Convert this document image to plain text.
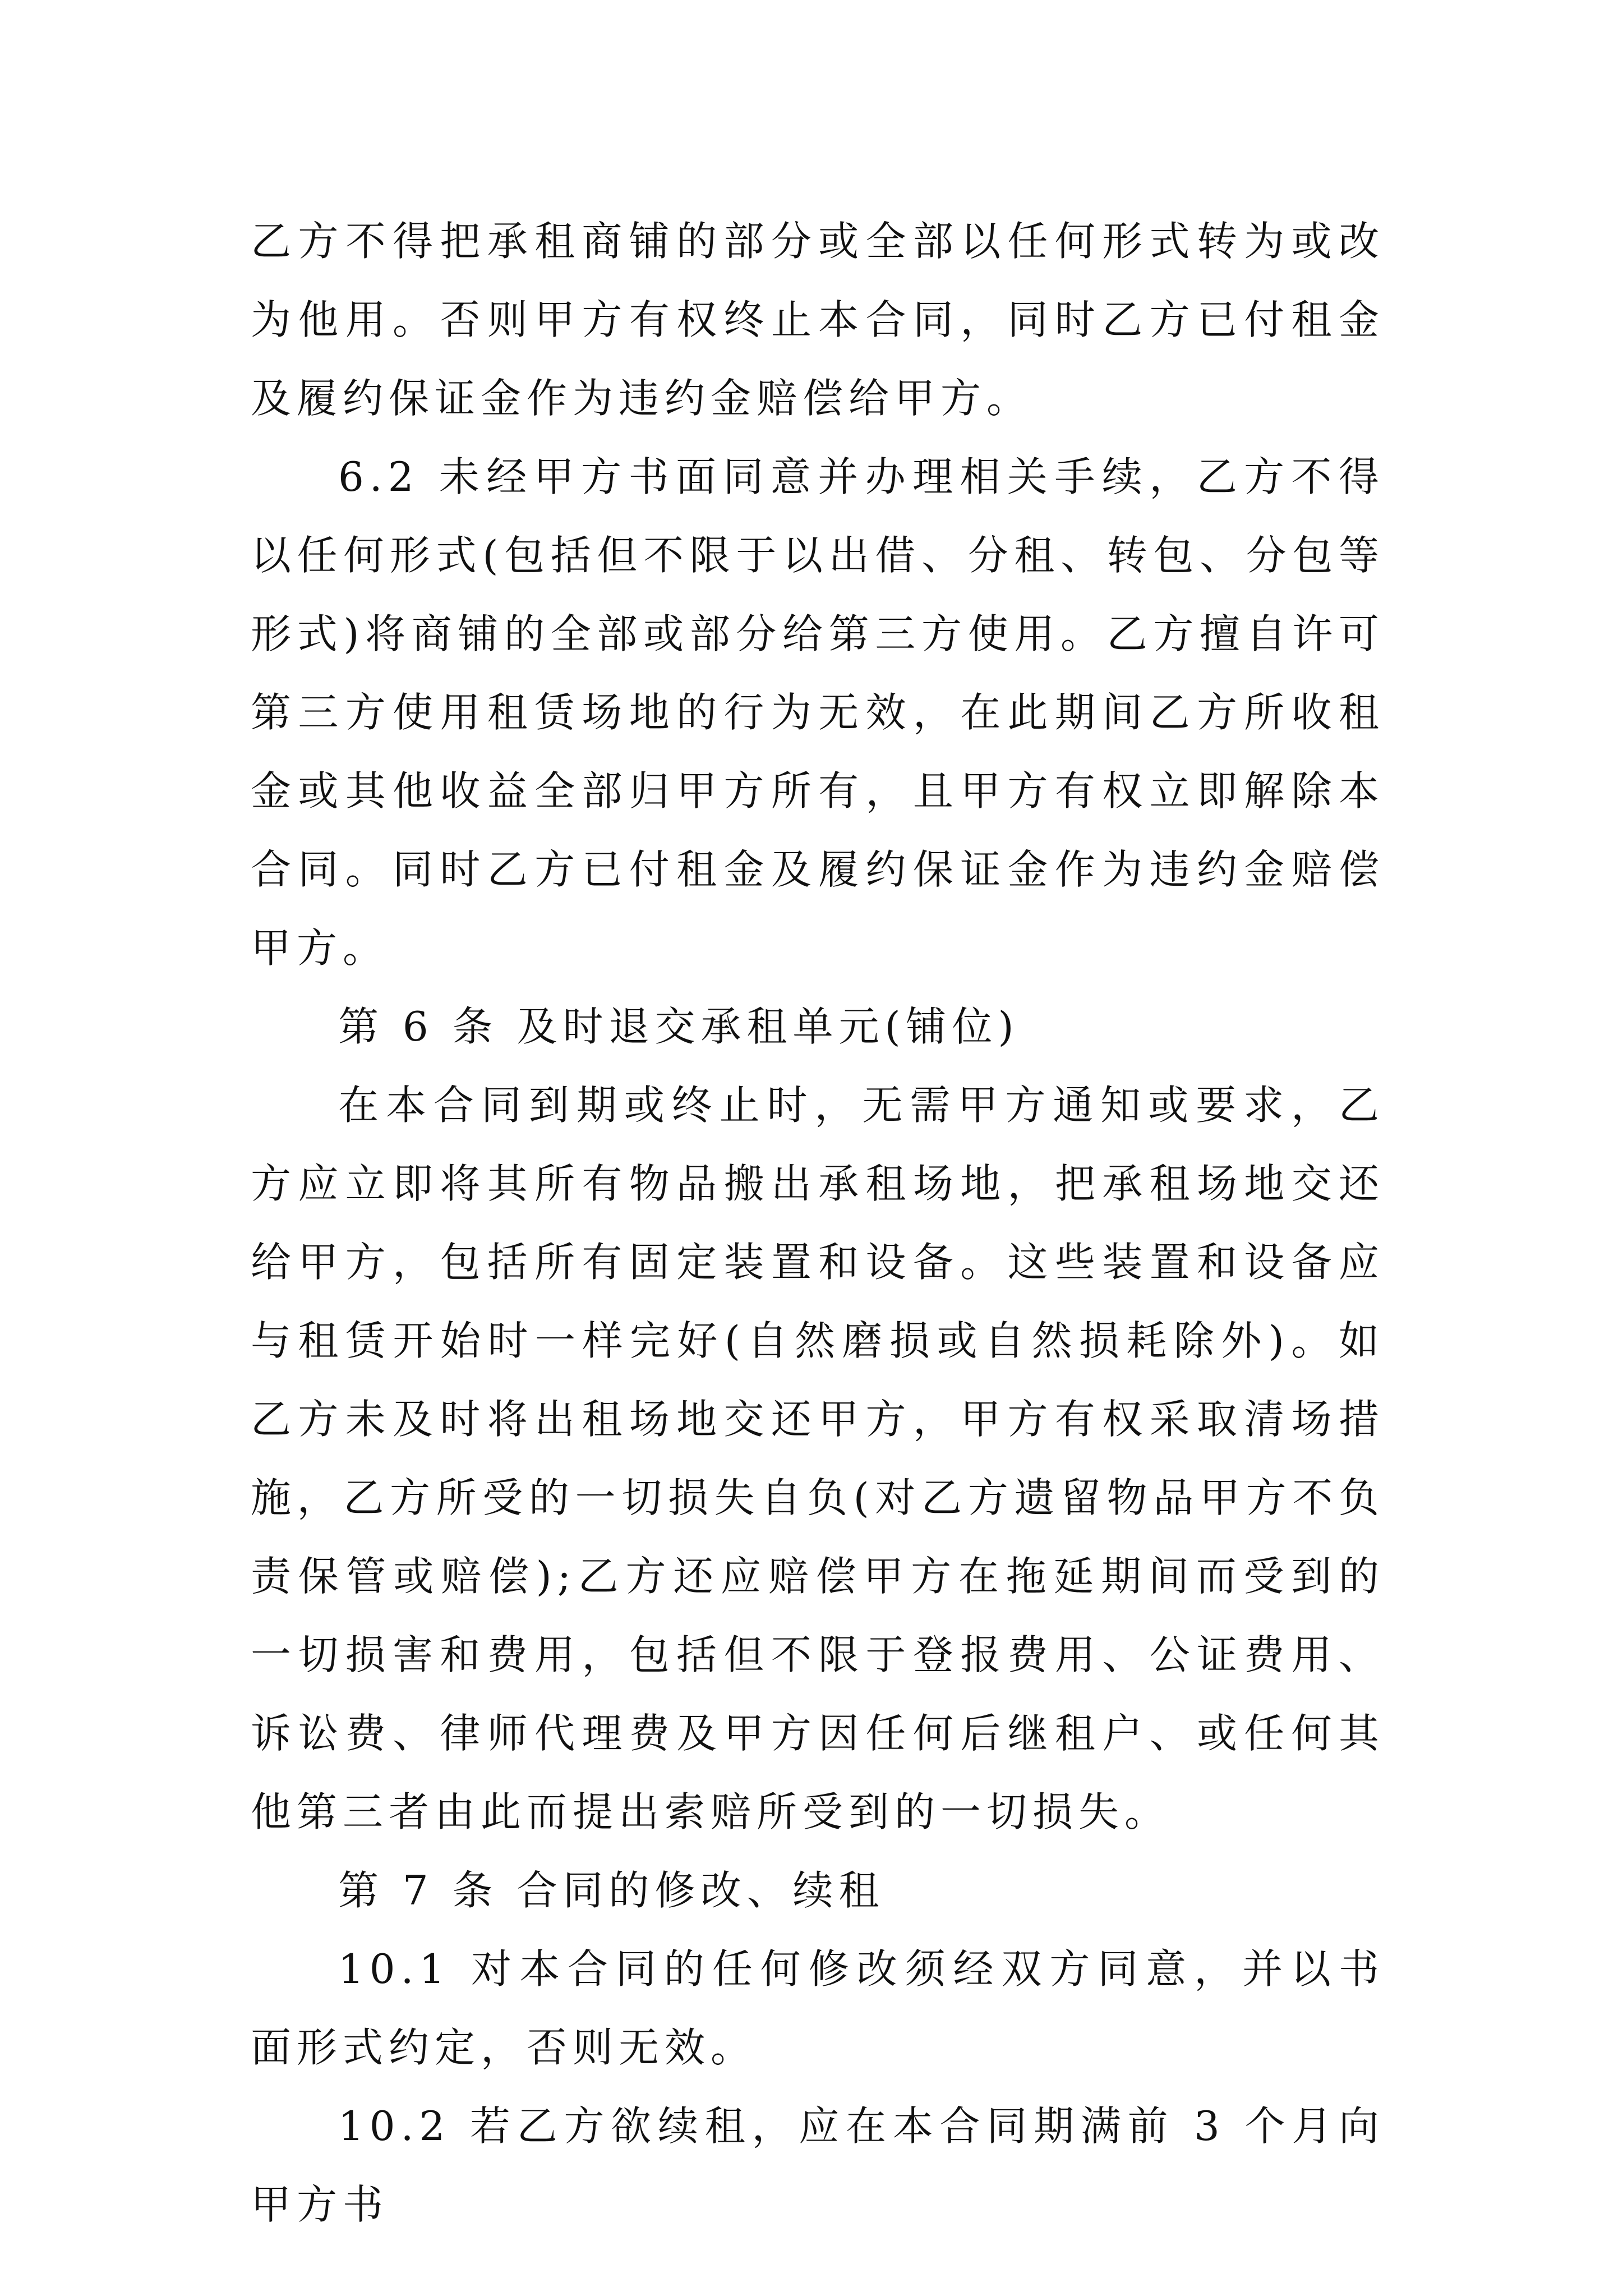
乙方不得把承租商铺的部分或全部以任何形式转为或改为他用。否则甲方有权终止本合同，同时乙方已付租金及履约保证金作为违约金赔偿给甲方。

6.2 未经甲方书面同意并办理相关手续，乙方不得以任何形式(包括但不限于以出借、分租、转包、分包等形式)将商铺的全部或部分给第三方使用。乙方擅自许可第三方使用租赁场地的行为无效，在此期间乙方所收租金或其他收益全部归甲方所有，且甲方有权立即解除本合同。同时乙方已付租金及履约保证金作为违约金赔偿甲方。

第 6 条 及时退交承租单元(铺位)

在本合同到期或终止时，无需甲方通知或要求，乙方应立即将其所有物品搬出承租场地，把承租场地交还给甲方，包括所有固定装置和设备。这些装置和设备应与租赁开始时一样完好(自然磨损或自然损耗除外)。如乙方未及时将出租场地交还甲方，甲方有权采取清场措施，乙方所受的一切损失自负(对乙方遗留物品甲方不负责保管或赔偿);乙方还应赔偿甲方在拖延期间而受到的一切损害和费用，包括但不限于登报费用、公证费用、诉讼费、律师代理费及甲方因任何后继租户、或任何其他第三者由此而提出索赔所受到的一切损失。

第 7 条 合同的修改、续租

10.1 对本合同的任何修改须经双方同意，并以书面形式约定，否则无效。

10.2 若乙方欲续租，应在本合同期满前 3 个月向甲方书
